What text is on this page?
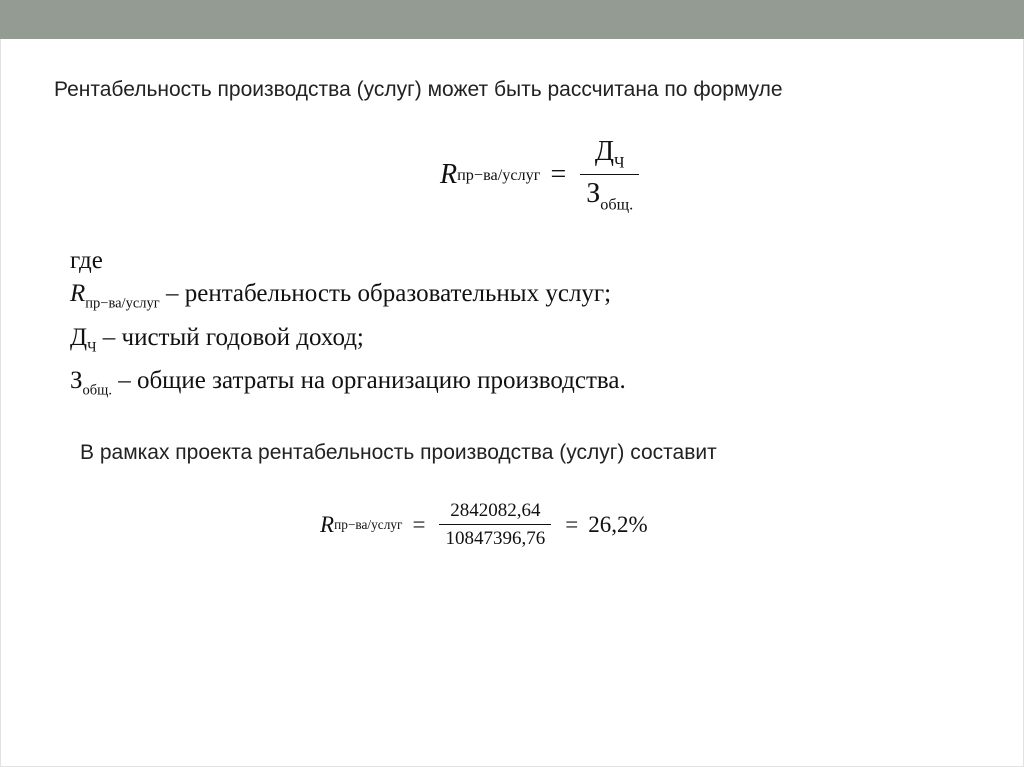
Рентабельность производства (услуг) может быть рассчитана по формуле
R пр−ва/услуг = $\frac{Д_Ч}{З_{общ.}}$
где
$R_{пр-ва/услуг}$ – рентабельность образовательных услуг;
$Д_Ч$ – чистый годовой доход;
$З_{общ.}$ – общие затраты на организацию производства.
В рамках проекта рентабельность производства (услуг) составит
R пр−ва/услуг = $\frac{2842082,64}{10847396,76} = 26,2\%$
